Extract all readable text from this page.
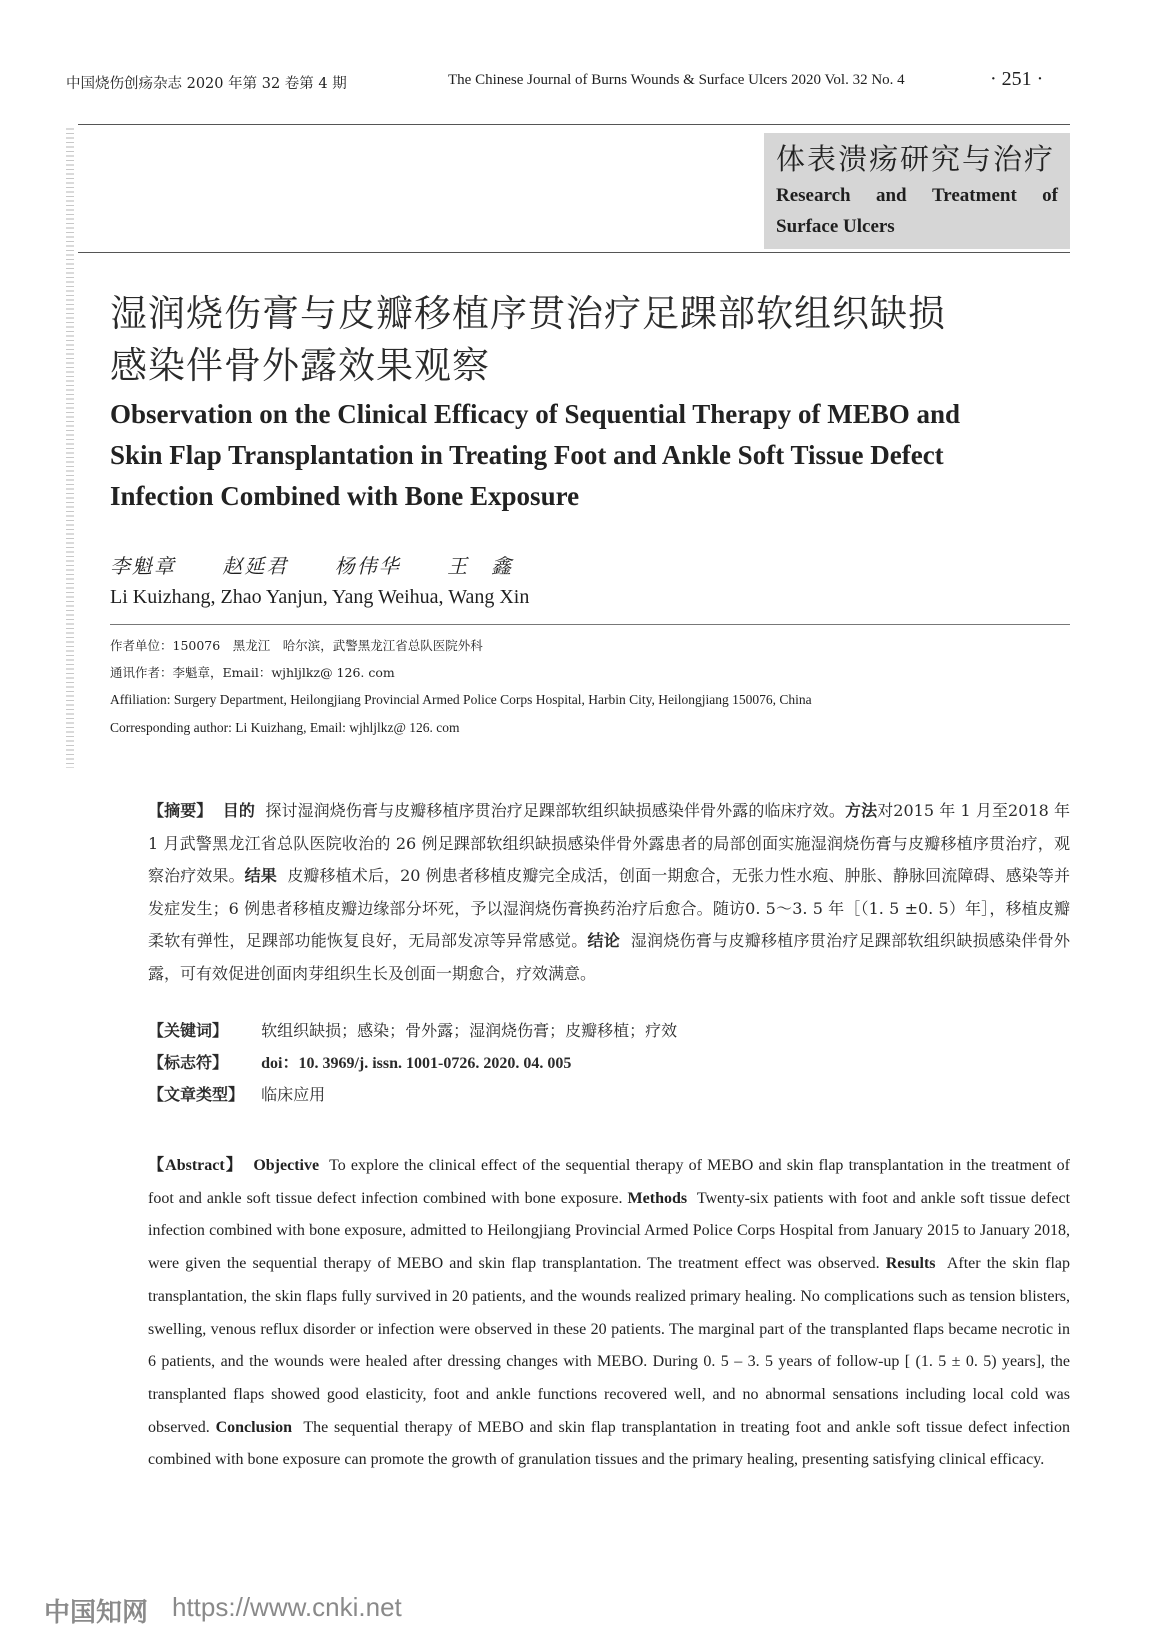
中国烧伤创疡杂志 2020 年第 32 卷第 4 期	The Chinese Journal of Burns Wounds & Surface Ulcers 2020 Vol. 32 No. 4	· 251 ·
体表溃疡研究与治疗
Research and Treatment of
Surface Ulcers
湿润烧伤膏与皮瓣移植序贯治疗足踝部软组织缺损
感染伴骨外露效果观察
Observation on the Clinical Efficacy of Sequential Therapy of MEBO and
Skin Flap Transplantation in Treating Foot and Ankle Soft Tissue Defect
Infection Combined with Bone Exposure
李魁章 赵延君 杨伟华 王　鑫
Li Kuizhang, Zhao Yanjun, Yang Weihua, Wang Xin
作者单位：150076　黑龙江　哈尔滨，武警黑龙江省总队医院外科
通讯作者：李魁章，Email：wjhljlkz@ 126. com
Affiliation: Surgery Department, Heilongjiang Provincial Armed Police Corps Hospital, Harbin City, Heilongjiang 150076, China
Corresponding author: Li Kuizhang, Email: wjhljlkz@ 126. com
【摘要】 目的 探讨湿润烧伤膏与皮瓣移植序贯治疗足踝部软组织缺损感染伴骨外露的临床疗效。方法对2015 年 1 月至2018 年 1 月武警黑龙江省总队医院收治的 26 例足踝部软组织缺损感染伴骨外露患者的局部创面实施湿润烧伤膏与皮瓣移植序贯治疗，观察治疗效果。结果 皮瓣移植术后，20 例患者移植皮瓣完全成活，创面一期愈合，无张力性水疱、肿胀、静脉回流障碍、感染等并发症发生；6 例患者移植皮瓣边缘部分坏死，予以湿润烧伤膏换药治疗后愈合。随访0. 5～3. 5 年［（1. 5 ±0. 5）年］，移植皮瓣柔软有弹性，足踝部功能恢复良好，无局部发凉等异常感觉。结论 湿润烧伤膏与皮瓣移植序贯治疗足踝部软组织缺损感染伴骨外露，可有效促进创面肉芽组织生长及创面一期愈合，疗效满意。
【关键词】 软组织缺损；感染；骨外露；湿润烧伤膏；皮瓣移植；疗效
【标志符】 doi：10. 3969/j. issn. 1001-0726. 2020. 04. 005
【文章类型】 临床应用
【Abstract】 Objective To explore the clinical effect of the sequential therapy of MEBO and skin flap transplantation in the treatment of foot and ankle soft tissue defect infection combined with bone exposure. Methods Twenty-six patients with foot and ankle soft tissue defect infection combined with bone exposure, admitted to Heilongjiang Provincial Armed Police Corps Hospital from January 2015 to January 2018, were given the sequential therapy of MEBO and skin flap transplantation. The treatment effect was observed. Results After the skin flap transplantation, the skin flaps fully survived in 20 patients, and the wounds realized primary healing. No complications such as tension blisters, swelling, venous reflux disorder or infection were observed in these 20 patients. The marginal part of the transplanted flaps became necrotic in 6 patients, and the wounds were healed after dressing changes with MEBO. During 0. 5 – 3. 5 years of follow-up [ (1. 5 ± 0. 5) years], the transplanted flaps showed good elasticity, foot and ankle functions recovered well, and no abnormal sensations including local cold was observed. Conclusion The sequential therapy of MEBO and skin flap transplantation in treating foot and ankle soft tissue defect infection combined with bone exposure can promote the growth of granulation tissues and the primary healing, presenting satisfying clinical efficacy.
中国知网 https://www.cnki.net
